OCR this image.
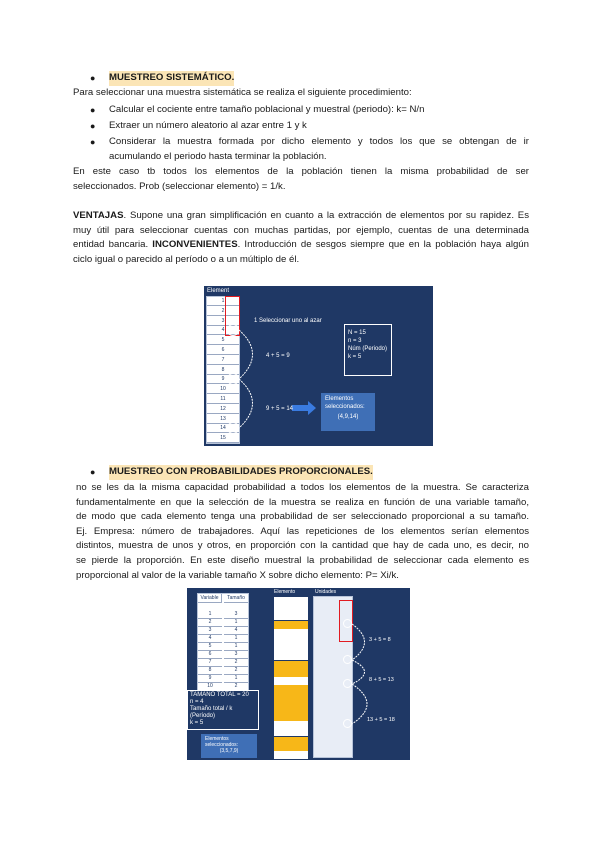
● MUESTREO SISTEMÁTICO.
Para seleccionar una muestra sistemática se realiza el siguiente procedimiento:
● Calcular el cociente entre tamaño poblacional y muestral (periodo): k= N/n
● Extraer un número aleatorio al azar entre 1 y k
● Considerar la muestra formada por dicho elemento y todos los que se obtengan de ir
acumulando el periodo hasta terminar la población.
En este caso tb todos los elementos de la población tienen la misma probabilidad de ser
seleccionados. Prob (seleccionar elemento) = 1/k.
VENTAJAS. Supone una gran simplificación en cuanto a la extracción de elementos por su rapidez. Es
muy útil para seleccionar cuentas con muchas partidas, por ejemplo, cuentas de una determinada
entidad bancaria. INCONVENIENTES. Introducción de sesgos siempre que en la población haya algún
ciclo igual o parecido al período o a un múltiplo de él.
Element
1
2
3
4
5
6
7
8
9
10
11
12
13
14
15
1 Seleccionar uno al azar
4 + 5 = 9
9 + 5 = 14
N = 15
n = 3
Núm (Periodo)
k = 5
Elementos seleccionados:
(4,9,14)
● MUESTREO CON PROBABILIDADES PROPORCIONALES.
no se les da la misma capacidad probabilidad a todos los elementos de la muestra. Se caracteriza
fundamentalmente en que la selección de la muestra se realiza en función de una variable tamaño,
de modo que cada elemento tenga una probabilidad de ser seleccionado proporcional a su tamaño.
Ej. Empresa: número de trabajadores. Aquí las repeticiones de los elementos serían elementos
distintos, muestra de unos y otros, en proporción con la cantidad que hay de cada uno, es decir, no
se pierde la proporción. En este diseño muestral la probabilidad de seleccionar cada elemento es
proporcional al valor de la variable tamaño X sobre dicho elemento: P= Xi/k.
Variable	Tamaño
1	3
2	1
3	4
4	1
5	1
6	3
7	2
8	2
9	1
10	2
TAMAÑO TOTAL = 20
n = 4
Tamaño total / k
(Período)
k = 5
Elementos seleccionados:
(3,5,7,9)
Elemento	Unidades
3 + 5 = 8
8 + 5 = 13
13 + 5 = 18
